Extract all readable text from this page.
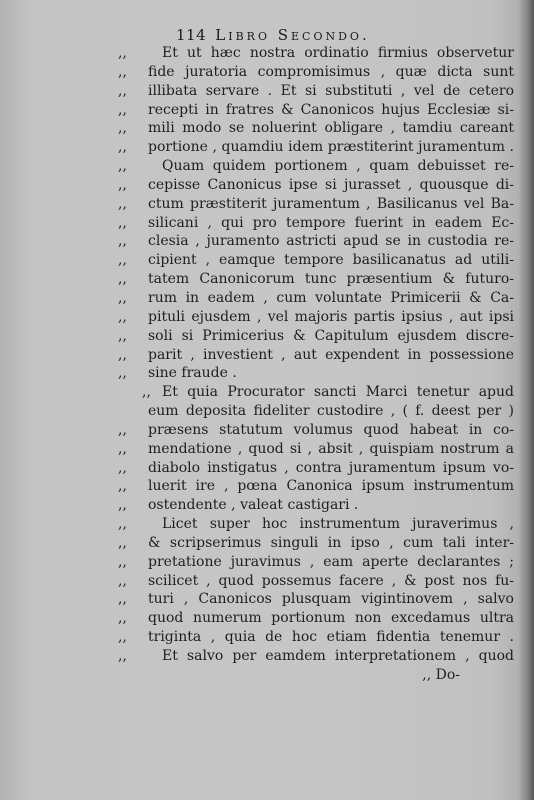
114 Libro Secondo.
,,	Et ut hæc nostra ordinatio firmius observetur
,, fide juratoria compromisimus , quæ dicta sunt
,, illibata servare . Et si substituti , vel de cetero
,, recepti in fratres & Canonicos hujus Ecclesiæ si-
,, mili modo se noluerint obligare , tamdiu careant
,, portione , quamdiu idem præstiterint juramentum .
,,	Quam quidem portionem , quam debuisset re-
,, cepisse Canonicus ipse si jurasset , quousque di-
,, ctum præstiterit juramentum , Basilicanus vel Ba-
,, silicani , qui pro tempore fuerint in eadem Ec-
,, clesia , juramento astricti apud se in custodia re-
,, cipient , eamque tempore basilicanatus ad utili-
,, tatem Canonicorum tunc præsentium & futuro-
,, rum in eadem , cum voluntate Primicerii & Ca-
,, pituli ejusdem , vel majoris partis ipsius , aut ipsi
,, soli si Primicerius & Capitulum ejusdem discre-
,, parit , investient , aut expendent in possessione
,, sine fraude .
,, Et quia Procurator sancti Marci tenetur apud
eum deposita fideliter custodire , ( f. deest per )
,, præsens statutum volumus quod habeat in co-
,, mendatione , quod si , absit , quispiam nostrum a
,, diabolo instigatus , contra juramentum ipsum vo-
,, luerit ire , pœna Canonica ipsum instrumentum
,, ostendente , valeat castigari .
,,	Licet super hoc instrumentum juraverimus ,
,, & scripserimus singuli in ipso , cum tali inter-
,, pretatione juravimus , eam aperte declarantes ;
,, scilicet , quod possemus facere , & post nos fu-
,, turi , Canonicos plusquam vigintinovem , salvo
,, quod numerum portionum non excedamus ultra
,, triginta , quia de hoc etiam fidentia tenemur .
,,	Et salvo per eamdem interpretationem , quod
,, Do-
